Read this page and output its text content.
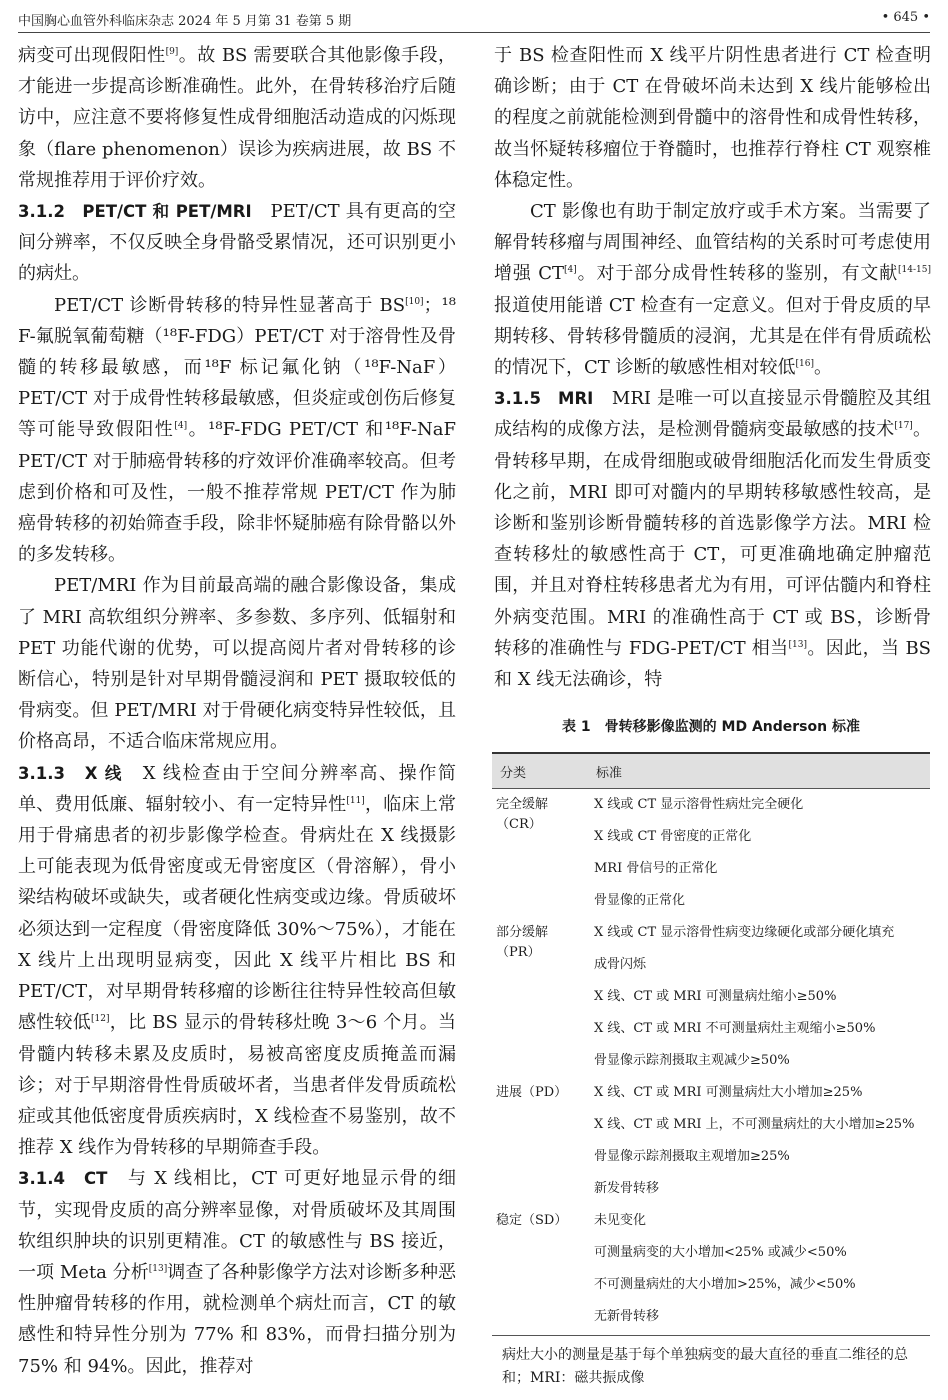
中国胸心血管外科临床杂志 2024 年 5 月第 31 卷第 5 期	• 645 •

病变可出现假阳性[9]。故 BS 需要联合其他影像手段，才能进一步提高诊断准确性。此外，在骨转移治疗后随访中，应注意不要将修复性成骨细胞活动造成的闪烁现象（flare phenomenon）误诊为疾病进展，故 BS 不常规推荐用于评价疗效。

3.1.2　PET/CT 和 PET/MRI　PET/CT 具有更高的空间分辨率，不仅反映全身骨骼受累情况，还可识别更小的病灶。

PET/CT 诊断骨转移的特异性显著高于 BS[10]；¹⁸ F-氟脱氧葡萄糖（¹⁸F-FDG）PET/CT 对于溶骨性及骨髓的转移最敏感，而¹⁸F 标记氟化钠（¹⁸F-NaF）PET/CT 对于成骨性转移最敏感，但炎症或创伤后修复等可能导致假阳性[4]。¹⁸F-FDG PET/CT 和¹⁸F-NaF PET/CT 对于肺癌骨转移的疗效评价准确率较高。但考虑到价格和可及性，一般不推荐常规 PET/CT 作为肺癌骨转移的初始筛查手段，除非怀疑肺癌有除骨骼以外的多发转移。

PET/MRI 作为目前最高端的融合影像设备，集成了 MRI 高软组织分辨率、多参数、多序列、低辐射和 PET 功能代谢的优势，可以提高阅片者对骨转移的诊断信心，特别是针对早期骨髓浸润和 PET 摄取较低的骨病变。但 PET/MRI 对于骨硬化病变特异性较低，且价格高昂，不适合临床常规应用。

3.1.3　X 线　X 线检查由于空间分辨率高、操作简单、费用低廉、辐射较小、有一定特异性[11]，临床上常用于骨痛患者的初步影像学检查。骨病灶在 X 线摄影上可能表现为低骨密度或无骨密度区（骨溶解），骨小梁结构破坏或缺失，或者硬化性病变或边缘。骨质破坏必须达到一定程度（骨密度降低 30%～75%），才能在 X 线片上出现明显病变，因此 X 线平片相比 BS 和 PET/CT，对早期骨转移瘤的诊断往往特异性较高但敏感性较低[12]，比 BS 显示的骨转移灶晚 3～6 个月。当骨髓内转移未累及皮质时，易被高密度皮质掩盖而漏诊；对于早期溶骨性骨质破坏者，当患者伴发骨质疏松症或其他低密度骨质疾病时，X 线检查不易鉴别，故不推荐 X 线作为骨转移的早期筛查手段。

3.1.4　CT　与 X 线相比，CT 可更好地显示骨的细节，实现骨皮质的高分辨率显像，对骨质破坏及其周围软组织肿块的识别更精准。CT 的敏感性与 BS 接近，一项 Meta 分析[13]调查了各种影像学方法对诊断多种恶性肿瘤骨转移的作用，就检测单个病灶而言，CT 的敏感性和特异性分别为 77% 和 83%，而骨扫描分别为 75% 和 94%。因此，推荐对

于 BS 检查阳性而 X 线平片阴性患者进行 CT 检查明确诊断；由于 CT 在骨破坏尚未达到 X 线片能够检出的程度之前就能检测到骨髓中的溶骨性和成骨性转移，故当怀疑转移瘤位于脊髓时，也推荐行脊柱 CT 观察椎体稳定性。

CT 影像也有助于制定放疗或手术方案。当需要了解骨转移瘤与周围神经、血管结构的关系时可考虑使用增强 CT[4]。对于部分成骨性转移的鉴别，有文献[14-15]报道使用能谱 CT 检查有一定意义。但对于骨皮质的早期转移、骨转移骨髓质的浸润，尤其是在伴有骨质疏松的情况下，CT 诊断的敏感性相对较低[16]。

3.1.5　MRI　MRI 是唯一可以直接显示骨髓腔及其组成结构的成像方法，是检测骨髓病变最敏感的技术[17]。骨转移早期，在成骨细胞或破骨细胞活化而发生骨质变化之前，MRI 即可对髓内的早期转移敏感性较高，是诊断和鉴别诊断骨髓转移的首选影像学方法。MRI 检查转移灶的敏感性高于 CT，可更准确地确定肿瘤范围，并且对脊柱转移患者尤为有用，可评估髓内和脊柱外病变范围。MRI 的准确性高于 CT 或 BS，诊断骨转移的准确性与 FDG-PET/CT 相当[13]。因此，当 BS 和 X 线无法确诊，特

表 1　骨转移影像监测的 MD Anderson 标准
分类	标准
完全缓解（CR）	X 线或 CT 显示溶骨性病灶完全硬化
	X 线或 CT 骨密度的正常化
	MRI 骨信号的正常化
	骨显像的正常化
部分缓解（PR）	X 线或 CT 显示溶骨性病变边缘硬化或部分硬化填充
	成骨闪烁
	X 线、CT 或 MRI 可测量病灶缩小≥50%
	X 线、CT 或 MRI 不可测量病灶主观缩小≥50%
	骨显像示踪剂摄取主观减少≥50%
进展（PD）	X 线、CT 或 MRI 可测量病灶大小增加≥25%
	X 线、CT 或 MRI 上，不可测量病灶的大小增加≥25%
	骨显像示踪剂摄取主观增加≥25%
	新发骨转移
稳定（SD）	未见变化
	可测量病变的大小增加<25% 或减少<50%
	不可测量病灶的大小增加>25%，减少<50%
	无新骨转移
病灶大小的测量是基于每个单独病变的最大直径的垂直二维径的总和；MRI：磁共振成像
